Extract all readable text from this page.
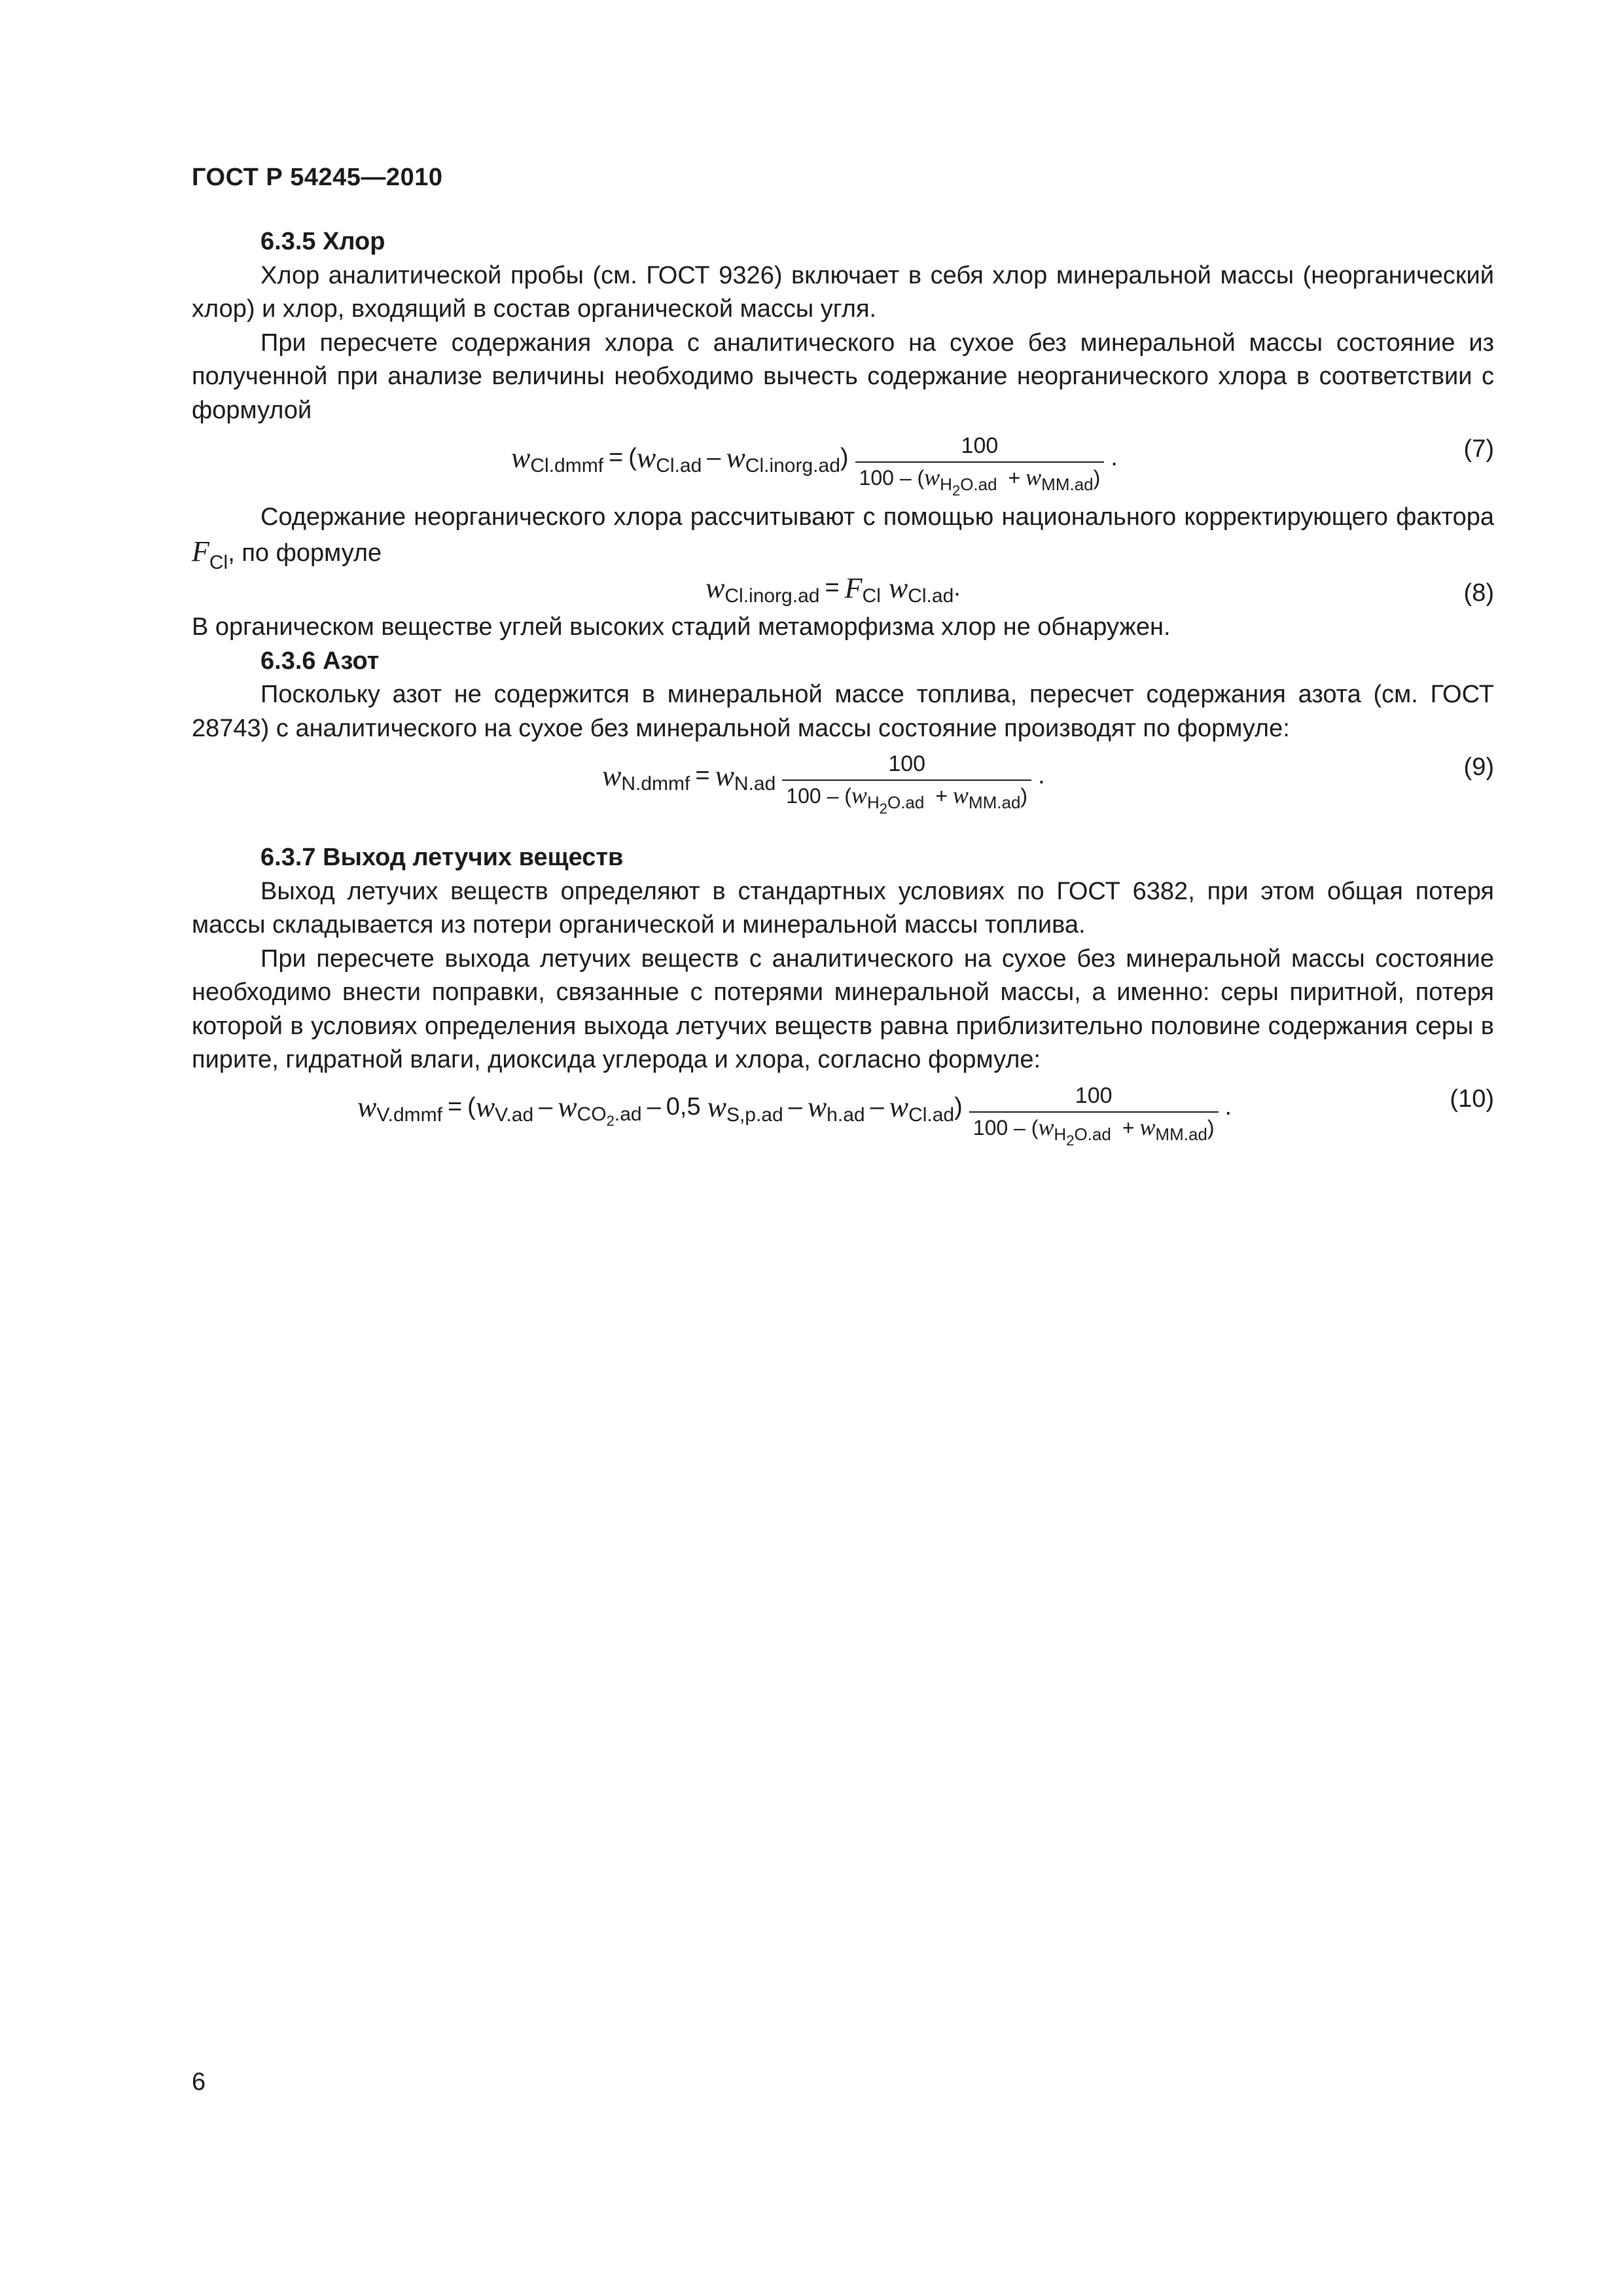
ГОСТ Р 54245—2010
6.3.5 Хлор

Хлор аналитической пробы (см. ГОСТ 9326) включает в себя хлор минеральной массы (неорганический хлор) и хлор, входящий в состав органической массы угля.

При пересчете содержания хлора с аналитического на сухое без минеральной массы состояние из полученной при анализе величины необходимо вычесть содержание неорганического хлора в соответствии с формулой

w Cl.dmmf = ( w Cl.ad – w Cl.inorg.ad ) $\frac{100}{100 - (w_{H_2O.ad} + w_{MM.ad})}$ .	(7)

Содержание неорганического хлора рассчитывают с помощью национального корректирующего фактора $F_{Cl}$, по формуле

w Cl.inorg.ad = F Cl w Cl.ad .	(8)

В органическом веществе углей высоких стадий метаморфизма хлор не обнаружен.

6.3.6 Азот

Поскольку азот не содержится в минеральной массе топлива, пересчет содержания азота (см. ГОСТ 28743) с аналитического на сухое без минеральной массы состояние производят по формуле:

w N.dmmf = w $N.ad \frac{100}{100 - (w_{H_2O.ad} + w_{MM.ad})}$ .	(9)
6.3.7 Выход летучих веществ

Выход летучих веществ определяют в стандартных условиях по ГОСТ 6382, при этом общая потеря массы складывается из потери органической и минеральной массы топлива.

При пересчете выхода летучих веществ с аналитического на сухое без минеральной массы состояние необходимо внести поправки, связанные с потерями минеральной массы, а именно: серы пиритной, потеря которой в условиях определения выхода летучих веществ равна приблизительно половине содержания серы в пирите, гидратной влаги, диоксида углерода и хлора, согласно формуле:

w V.dmmf = ( w V.ad – w $CO_2.ad - 0,5$ w S,p.ad – w h.ad – w Cl.ad ) $\frac{100}{100 - (w_{H_2O.ad} + w_{MM.ad})}$ .	(10)
6
